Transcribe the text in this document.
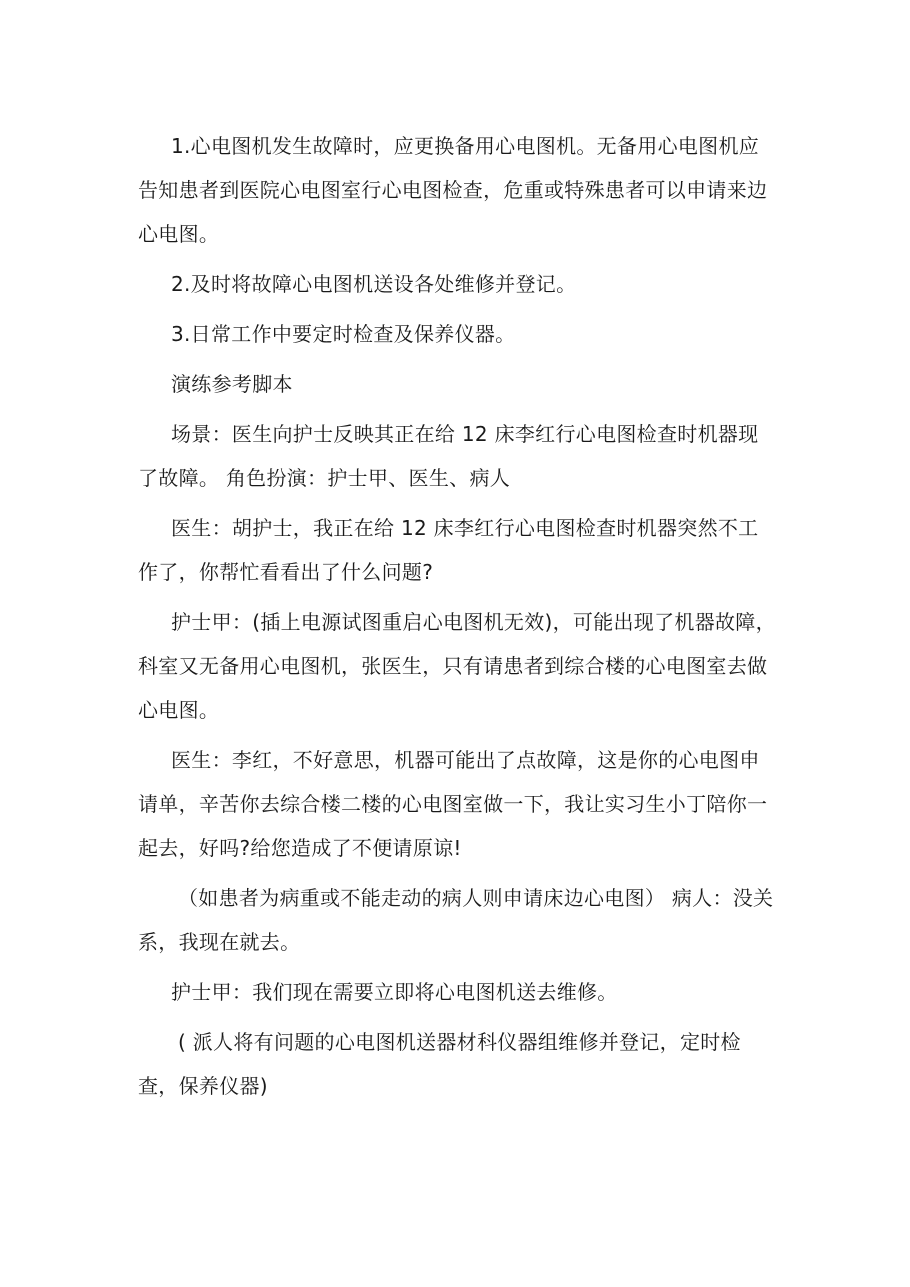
1.心电图机发生故障时，应更换备用心电图机。无备用心电图机应告知患者到医院心电图室行心电图检查，危重或特殊患者可以申请来边心电图。

2.及时将故障心电图机送设各处维修并登记。

3.日常工作中要定时检查及保养仪器。

演练参考脚本

场景：医生向护士反映其正在给 12 床李红行心电图检查时机器现了故障。 角色扮演：护士甲、医生、病人

医生：胡护士，我正在给 12 床李红行心电图检查时机器突然不工作了，你帮忙看看出了什么问题?

护士甲：(插上电源试图重启心电图机无效)，可能出现了机器故障，科室又无备用心电图机，张医生，只有请患者到综合楼的心电图室去做心电图。

医生：李红，不好意思，机器可能出了点故障，这是你的心电图申请单，辛苦你去综合楼二楼的心电图室做一下，我让实习生小丁陪你一起去，好吗?给您造成了不便请原谅!

（如患者为病重或不能走动的病人则申请床边心电图） 病人：没关系，我现在就去。

护士甲：我们现在需要立即将心电图机送去维修。

( 派人将有问题的心电图机送器材科仪器组维修并登记，定时检查，保养仪器)
